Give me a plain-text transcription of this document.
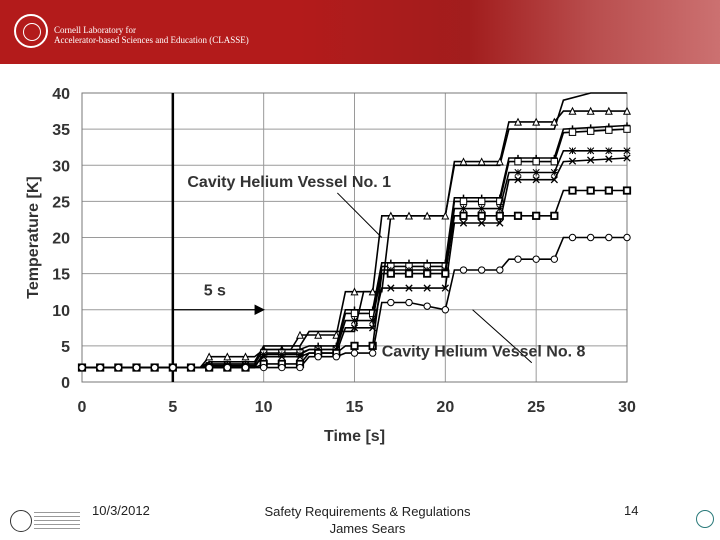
Cornell Laboratory for
Accelerator-based Sciences and Education (CLASSE)
0	5	10	15	20	25	30
0
5
10
15
20
25
30
35
40
Time [s]
Temperature [K]	Cavity Helium Vessel No. 1
Cavity Helium Vessel No. 8
5 s
10/3/2012	Safety Requirements & Regulations
James Sears
14
